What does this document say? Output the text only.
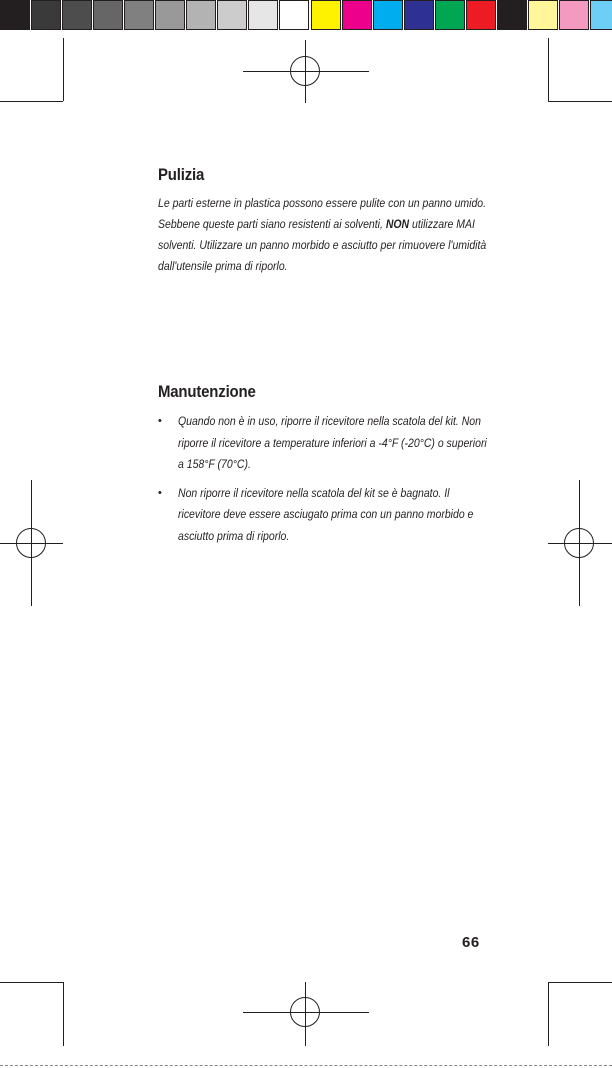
Pulizia

Le parti esterne in plastica possono essere pulite con un panno umido. Sebbene queste parti siano resistenti ai solventi, NON utilizzare MAI solventi. Utilizzare un panno morbido e asciutto per rimuovere l'umidità dall'utensile prima di riporlo.

Manutenzione
• Quando non è in uso, riporre il ricevitore nella scatola del kit. Non riporre il ricevitore a temperature inferiori a -4°F (-20°C) o superiori a 158°F (70°C).
• Non riporre il ricevitore nella scatola del kit se è bagnato. Il ricevitore deve essere asciugato prima con un panno morbido e asciutto prima di riporlo.
66
